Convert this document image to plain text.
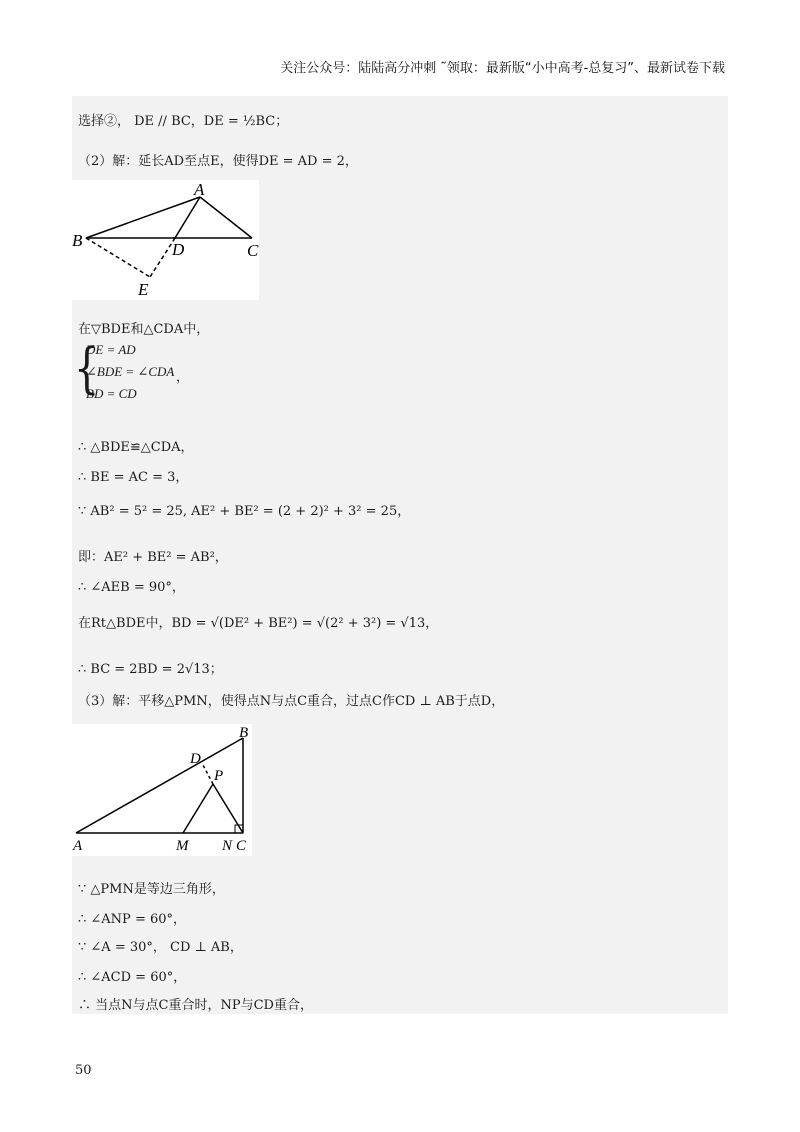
关注公众号：陆陆高分冲刺 ˜领取：最新版“小中高考-总复习”、最新试卷下载
选择②， DE // BC，DE = ½BC；
（2）解：延长AD至点E，使得DE = AD = 2，
A
B	D	C
E
在▽BDE和△CDA中，
{
DE = AD
∠BDE = ∠CDA
BD = CD
，
∴ △BDE≌△CDA，
∴ BE = AC = 3，
∵ AB² = 5² = 25, AE² + BE² = (2 + 2)² + 3² = 25，
即：AE² + BE² = AB²，
∴ ∠AEB = 90°，
在Rt△BDE中，BD = √(DE² + BE²) = √(2² + 3²) = √13，
∴ BC = 2BD = 2√13；
（3）解：平移△PMN，使得点N与点C重合，过点C作CD ⊥ AB于点D，
B
D
P
A	M N C
∵ △PMN是等边三角形，
∴ ∠ANP = 60°，
∵ ∠A = 30°， CD ⊥ AB，
∴ ∠ACD = 60°，
∴ 当点N与点C重合时，NP与CD重合，
50
